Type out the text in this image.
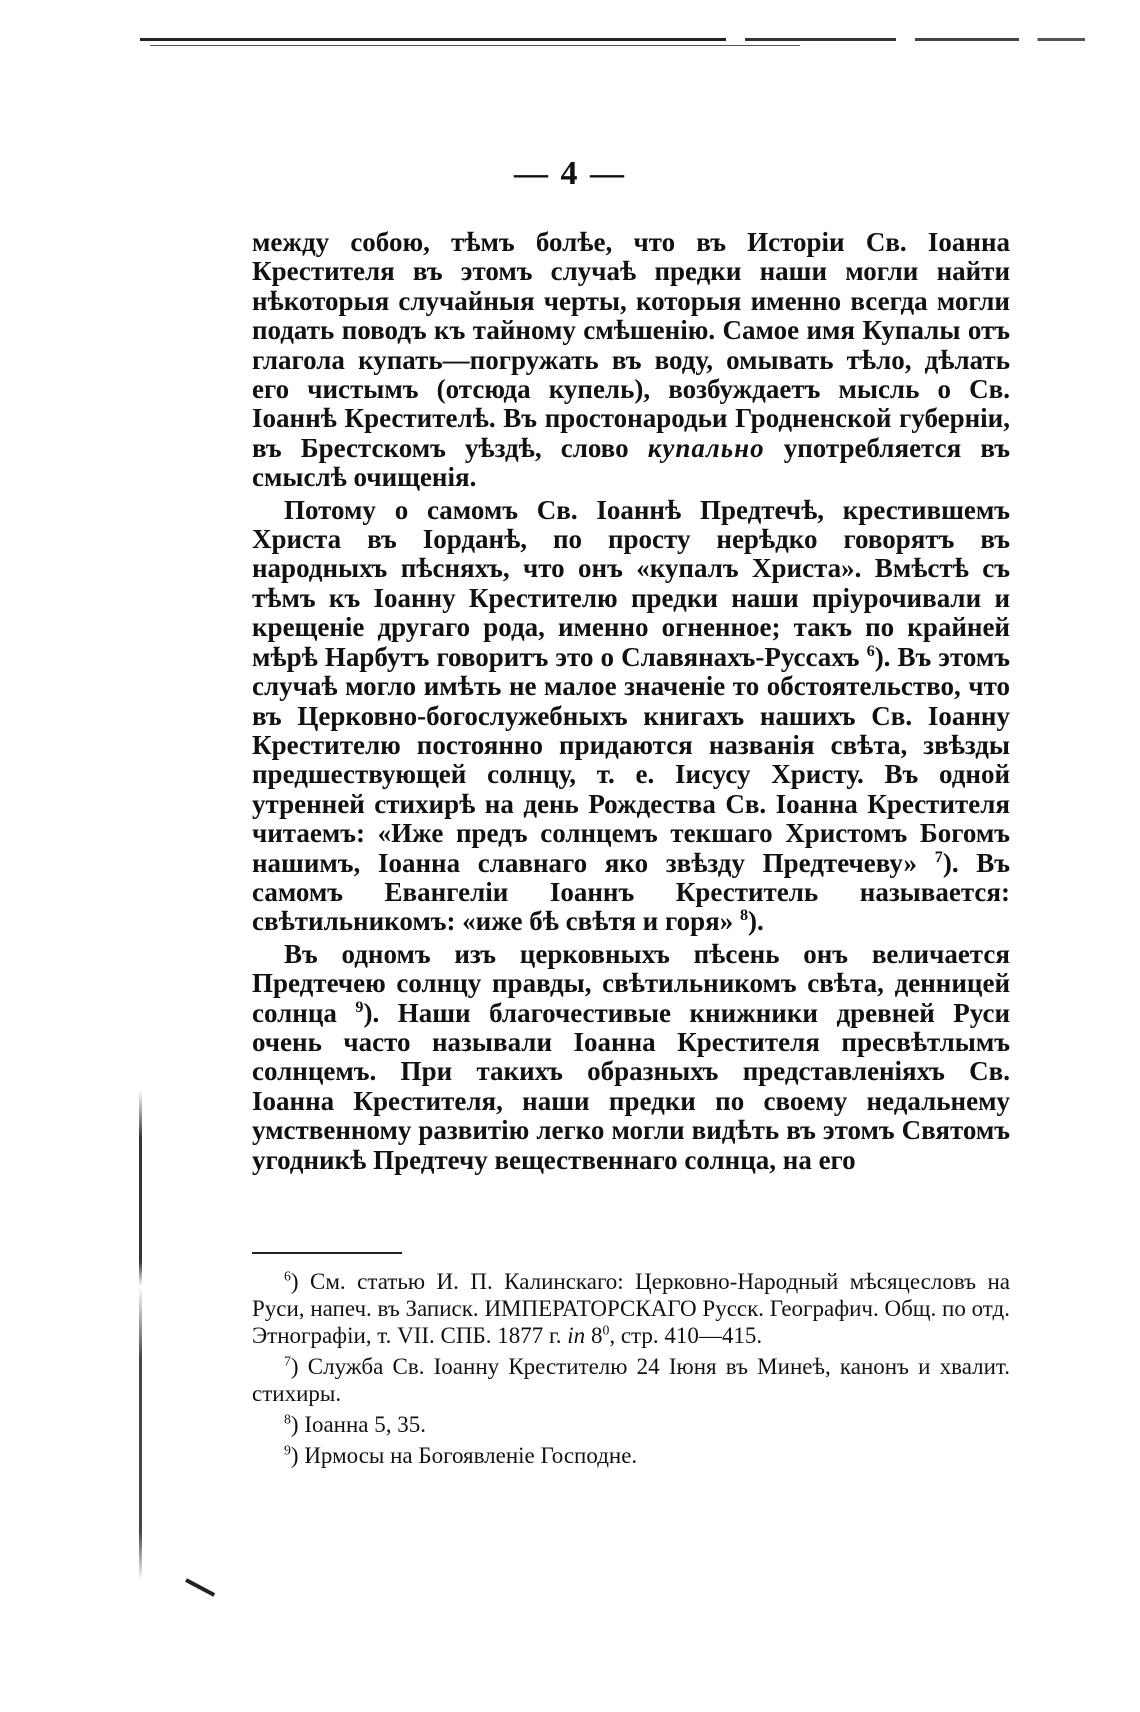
— 4 —

между собою, тѣмъ болѣе, что въ Исторіи Св. Іоанна Крестителя въ этомъ случаѣ предки наши могли найти нѣкоторыя случайныя черты, которыя именно всегда могли подать поводъ къ тайному смѣшенію. Самое имя Купалы отъ глагола купать—погружать въ воду, омывать тѣло, дѣлать его чистымъ (отсюда купель), возбуждаетъ мысль о Св. Іоаннѣ Крестителѣ. Въ простонародьи Гродненской губерніи, въ Брестскомъ уѣздѣ, слово купально употребляется въ смыслѣ очищенія.

Потому о самомъ Св. Іоаннѣ Предтечѣ, крестившемъ Христа въ Іорданѣ, по просту нерѣдко говорятъ въ народныхъ пѣсняхъ, что онъ «купалъ Христа». Вмѣстѣ съ тѣмъ къ Іоанну Крестителю предки наши пріурочивали и крещеніе другаго рода, именно огненное; такъ по крайней мѣрѣ Нарбутъ говоритъ это о Славянахъ-Руссахъ $^6$). Въ этомъ случаѣ могло имѣть не малое значеніе то обстоятельство, что въ Церковно-богослужебныхъ книгахъ нашихъ Св. Іоанну Крестителю постоянно придаются названія свѣта, звѣзды предшествующей солнцу, т. е. Іисусу Христу. Въ одной утренней стихирѣ на день Рождества Св. Іоанна Крестителя читаемъ: «Иже предъ солнцемъ текшаго Христомъ Богомъ нашимъ, Іоанна славнаго яко звѣзду Предтечеву» $^7$). Въ самомъ Евангеліи Іоаннъ Креститель называется: свѣтильникомъ: «иже бѣ свѣтя и горя» $^8$).

Въ одномъ изъ церковныхъ пѣсень онъ величается Предтечею солнцу правды, свѣтильникомъ свѣта, денницей солнца $^9$). Наши благочестивые книжники древней Руси очень часто называли Іоанна Крестителя пресвѣтлымъ солнцемъ. При такихъ образныхъ представленіяхъ Св. Іоанна Крестителя, наши предки по своему недальнему умственному развитію легко могли видѣть въ этомъ Святомъ угодникѣ Предтечу вещественнаго солнца, на его

$^6$) См. статью И. П. Калинскаго: Церковно-Народный мѣсяцесловъ на Руси, напеч. въ Записк. ИМПЕРАТОРСКАГО Русск. Географич. Общ. по отд. Этнографіи, т. VII. СПБ. 1877 г. in $8^0$, стр. 410—415.

$^7$) Служба Св. Іоанну Крестителю 24 Іюня въ Минеѣ, канонъ и хвалит. стихиры.

$^8$) Іоанна 5, 35.

$^9$) Ирмосы на Богоявленіе Господне.
